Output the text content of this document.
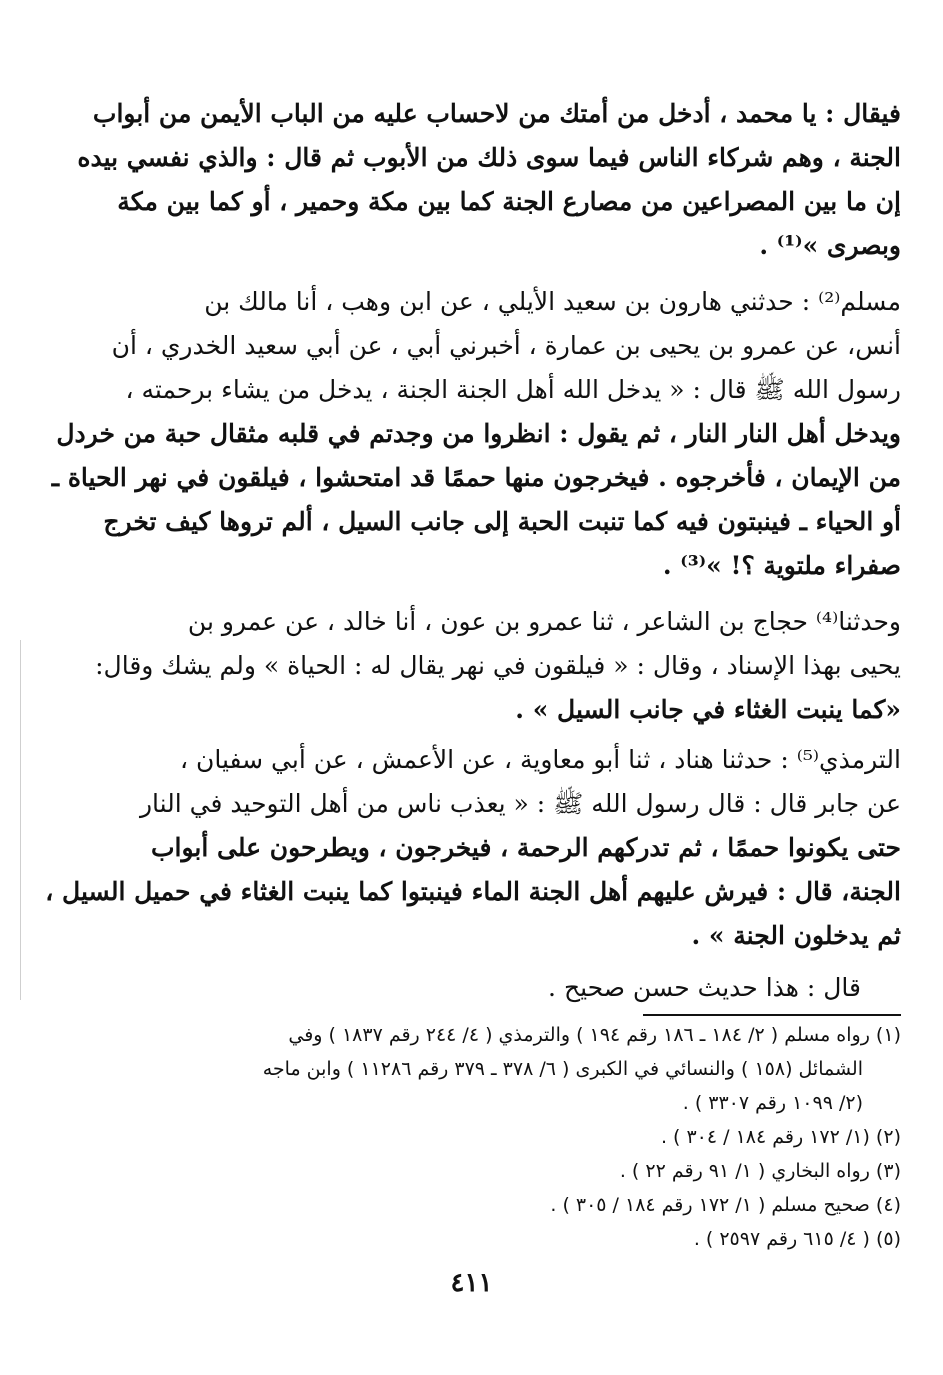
فيقال : يا محمد ، أدخل من أمتك من لاحساب عليه من الباب الأيمن من أبواب
الجنة ، وهم شركاء الناس فيما سوى ذلك من الأبوب ثم قال : والذي نفسي بيده
إن ما بين المصراعين من مصارع الجنة كما بين مكة وحمير ، أو كما بين مكة
وبصرى »⁽¹⁾ .
مسلم⁽²⁾ : حدثني هارون بن سعيد الأيلي ، عن ابن وهب ، أنا مالك بن
أنس، عن عمرو بن يحيى بن عمارة ، أخبرني أبي ، عن أبي سعيد الخدري ، أن
رسول الله ﷺ قال : « يدخل الله أهل الجنة الجنة ، يدخل من يشاء برحمته ،
ويدخل أهل النار النار ، ثم يقول : انظروا من وجدتم في قلبه مثقال حبة من خردل
من الإيمان ، فأخرجوه . فيخرجون منها حممًا قد امتحشوا ، فيلقون في نهر الحياة ـ
أو الحياء ـ فينبتون فيه كما تنبت الحبة إلى جانب السيل ، ألم تروها كيف تخرج
صفراء ملتوية ؟! »⁽³⁾ .
وحدثنا⁽⁴⁾ حجاج بن الشاعر ، ثنا عمرو بن عون ، أنا خالد ، عن عمرو بن
يحيى بهذا الإسناد ، وقال : « فيلقون في نهر يقال له : الحياة » ولم يشك وقال:
«كما ينبت الغثاء في جانب السيل » .
الترمذي⁽⁵⁾ : حدثنا هناد ، ثنا أبو معاوية ، عن الأعمش ، عن أبي سفيان ،
عن جابر قال : قال رسول الله ﷺ : « يعذب ناس من أهل التوحيد في النار
حتى يكونوا حممًا ، ثم تدركهم الرحمة ، فيخرجون ، ويطرحون على أبواب
الجنة، قال : فيرش عليهم أهل الجنة الماء فينبتوا كما ينبت الغثاء في حميل السيل ،
ثم يدخلون الجنة » .
قال : هذا حديث حسن صحيح .
(١) رواه مسلم ( ٢/ ١٨٤ ـ ١٨٦ رقم ١٩٤ ) والترمذي ( ٤/ ٢٤٤ رقم ١٨٣٧ ) وفي
الشمائل (١٥٨ ) والنسائي في الكبرى ( ٦/ ٣٧٨ ـ ٣٧٩ رقم ١١٢٨٦ ) وابن ماجه
(٢/ ١٠٩٩ رقم ٣٣٠٧ ) .
(٢) (١/ ١٧٢ رقم ١٨٤ / ٣٠٤ ) .
(٣) رواه البخاري ( ١/ ٩١ رقم ٢٢ ) .
(٤) صحيح مسلم ( ١/ ١٧٢ رقم ١٨٤ / ٣٠٥ ) .
(٥) ( ٤/ ٦١٥ رقم ٢٥٩٧ ) .
٤١١
